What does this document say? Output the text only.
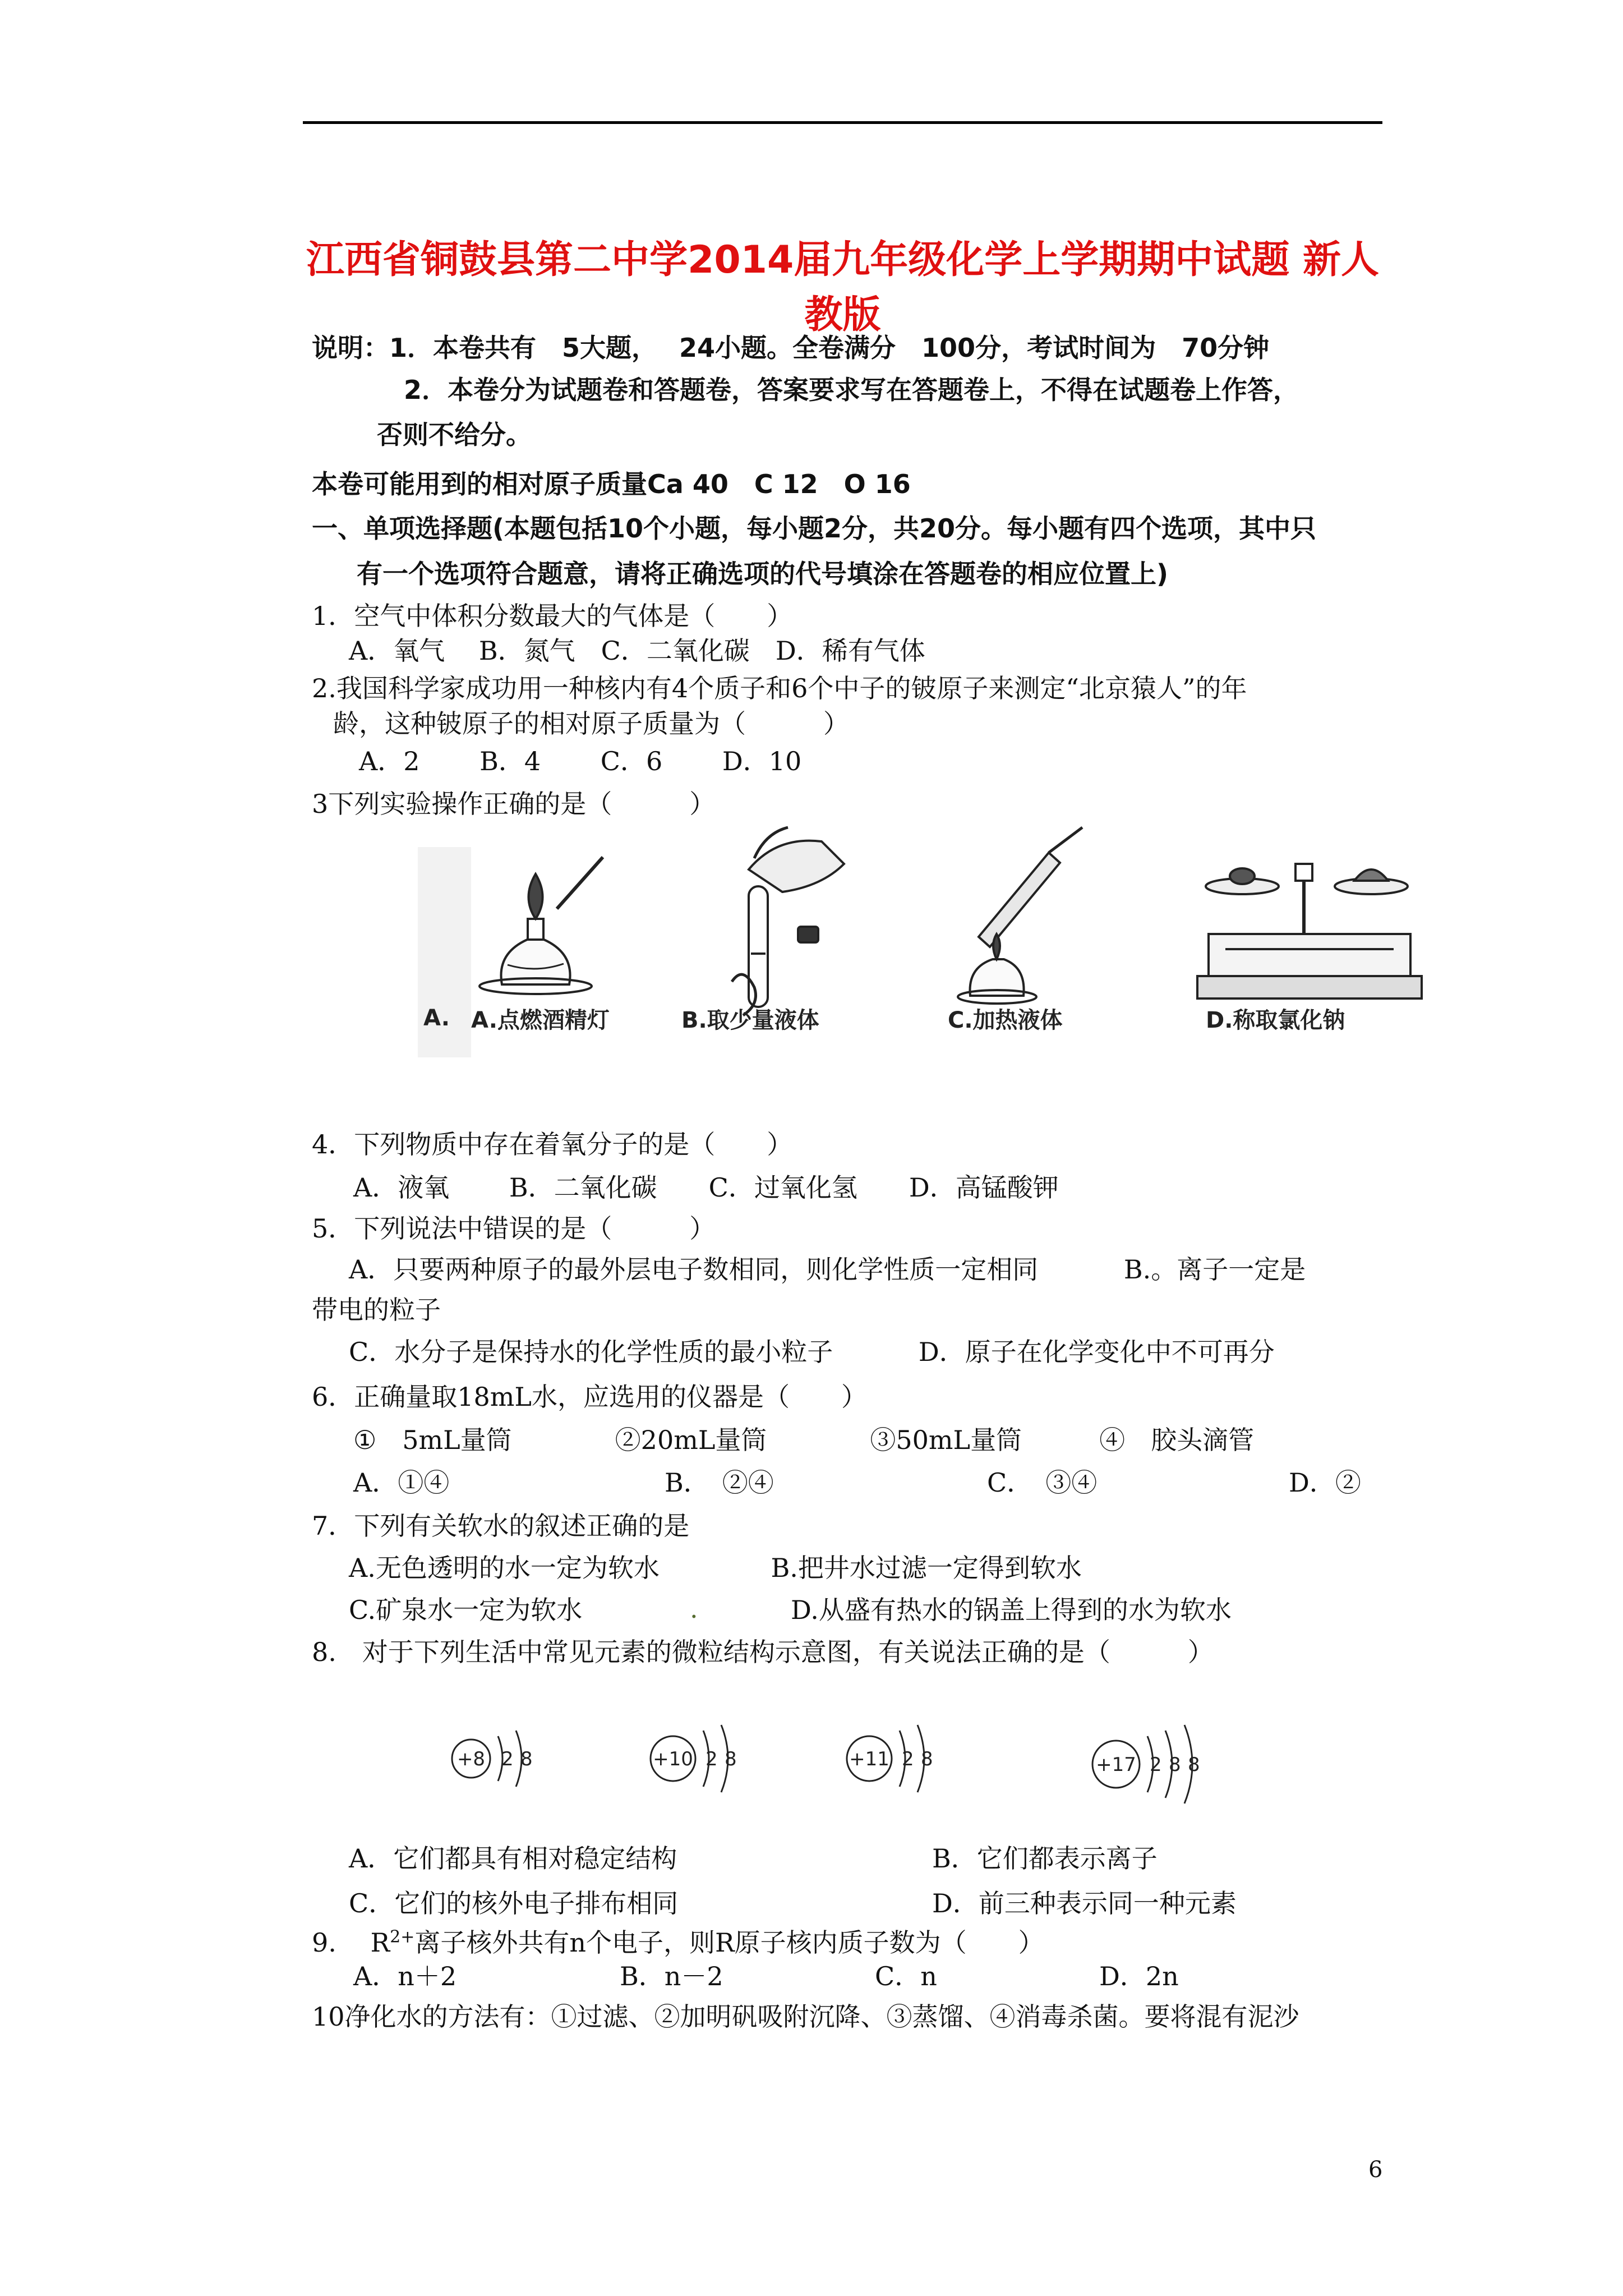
江西省铜鼓县第二中学2014届九年级化学上学期期中试题 新人
教版
说明：1．本卷共有　5大题，　 24小题。全卷满分　100分，考试时间为　70分钟
2．本卷分为试题卷和答题卷，答案要求写在答题卷上，不得在试题卷上作答，
否则不给分。
本卷可能用到的相对原子质量Ca 40　C 12　O 16
一、单项选择题(本题包括10个小题，每小题2分，共20分。每小题有四个选项，其中只
有一个选项符合题意，请将正确选项的代号填涂在答题卷的相应位置上)
1．空气中体积分数最大的气体是（　　）
A．氧气　 B．氮气　C．二氧化碳　D．稀有气体
2.我国科学家成功用一种核内有4个质子和6个中子的铍原子来测定“北京猿人”的年
龄，这种铍原子的相对原子质量为（　　　）
A．2　　 B．4　　 C．6　　 D．10
3下列实验操作正确的是（　　　）
A. A.点燃酒精灯	B.取少量液体	C.加热液体	D.称取氯化钠
4．下列物质中存在着氧分子的是（　　）
A．液氧　　 B．二氧化碳　　C．过氧化氢　　D．高锰酸钾
5．下列说法中错误的是（　　　）
A．只要两种原子的最外层电子数相同，则化学性质一定相同　　　 B.。离子一定是
带电的粒子
C．水分子是保持水的化学性质的最小粒子　　　 D．原子在化学变化中不可再分
6．正确量取18mL水，应选用的仪器是（　　）
①　5mL量筒　　　　②20mL量筒　　　　③50mL量筒　　　④　胶头滴管
A．①④	B．　②④	C．　③④	D．②
7．下列有关软水的叙述正确的是
A.无色透明的水一定为软水　　　　 B.把井水过滤一定得到软水
C.矿泉水一定为软水	.	D.从盛有热水的锅盖上得到的水为软水
8.　对于下列生活中常见元素的微粒结构示意图，有关说法正确的是（　　　）
+8 2 8	+10 2 8	+11 2 8	+17 2 8 8
A．它们都具有相对稳定结构	B．它们都表示离子
C．它们的核外电子排布相同	D．前三种表示同一种元素
9.　 $R^{2+}$离子核外共有n个电子，则R原子核内质子数为（　　）
A．n＋2	B．n－2	C．n	D．2n
10净化水的方法有：①过滤、②加明矾吸附沉降、③蒸馏、④消毒杀菌。要将混有泥沙
6
